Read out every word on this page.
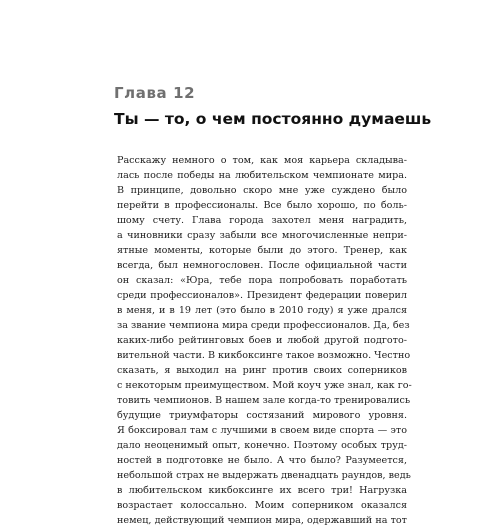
Глава 12
Ты — то, о чем постоянно думаешь
Расскажу немного о том, как моя карьера складыва-
лась после победы на любительском чемпионате мира.
В принципе, довольно скоро мне уже суждено было
перейти в профессионалы. Все было хорошо, по боль-
шому счету. Глава города захотел меня наградить,
а чиновники сразу забыли все многочисленные непри-
ятные моменты, которые были до этого. Тренер, как
всегда, был немногословен. После официальной части
он сказал: «Юра, тебе пора попробовать поработать
среди профессионалов». Президент федерации поверил
в меня, и в 19 лет (это было в 2010 году) я уже дрался
за звание чемпиона мира среди профессионалов. Да, без
каких-либо рейтинговых боев и любой другой подгото-
вительной части. В кикбоксинге такое возможно. Честно
сказать, я выходил на ринг против своих соперников
с некоторым преимуществом. Мой коуч уже знал, как го-
товить чемпионов. В нашем зале когда-то тренировались
будущие триумфаторы состязаний мирового уровня.
Я боксировал там с лучшими в своем виде спорта — это
дало неоценимый опыт, конечно. Поэтому особых труд-
ностей в подготовке не было. А что было? Разумеется,
небольшой страх не выдержать двенадцать раундов, ведь
в любительском кикбоксинге их всего три! Нагрузка
возрастает колоссально. Моим соперником оказался
немец, действующий чемпион мира, одержавший на тот
